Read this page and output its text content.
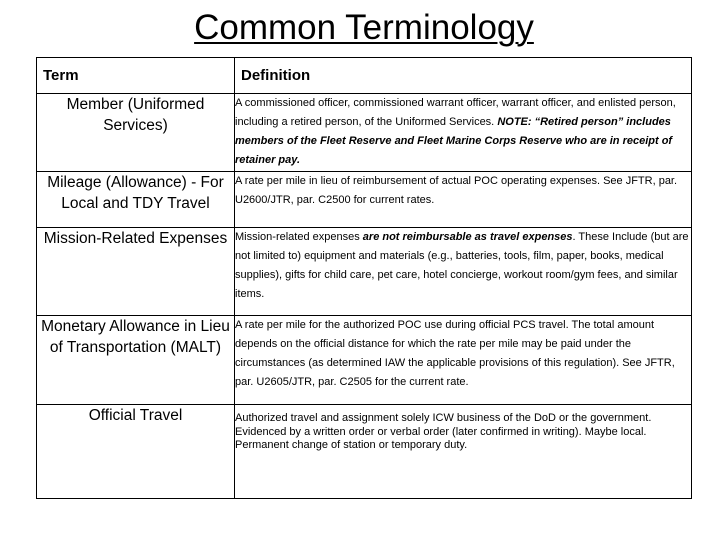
Common Terminology
Term	Definition
Member (Uniformed Services)	A commissioned officer, commissioned warrant officer, warrant officer, and enlisted person, including a retired person, of the Uniformed Services. NOTE: “Retired person” includes members of the Fleet Reserve and Fleet Marine Corps Reserve who are in receipt of retainer pay.
Mileage (Allowance) - For Local and TDY Travel	A rate per mile in lieu of reimbursement of actual POC operating expenses. See JFTR, par. U2600/JTR, par. C2500 for current rates.
Mission-Related Expenses	Mission-related expenses are not reimbursable as travel expenses. These Include (but are not limited to) equipment and materials (e.g., batteries, tools, film, paper, books, medical supplies), gifts for child care, pet care, hotel concierge, workout room/gym fees, and similar items.
Monetary Allowance in Lieu of Transportation (MALT)	A rate per mile for the authorized POC use during official PCS travel. The total amount depends on the official distance for which the rate per mile may be paid under the circumstances (as determined IAW the applicable provisions of this regulation). See JFTR, par. U2605/JTR, par. C2505 for the current rate.
Official Travel	Authorized travel and assignment solely ICW business of the DoD or the government. Evidenced by a written order or verbal order (later confirmed in writing). Maybe local. Permanent change of station or temporary duty.
